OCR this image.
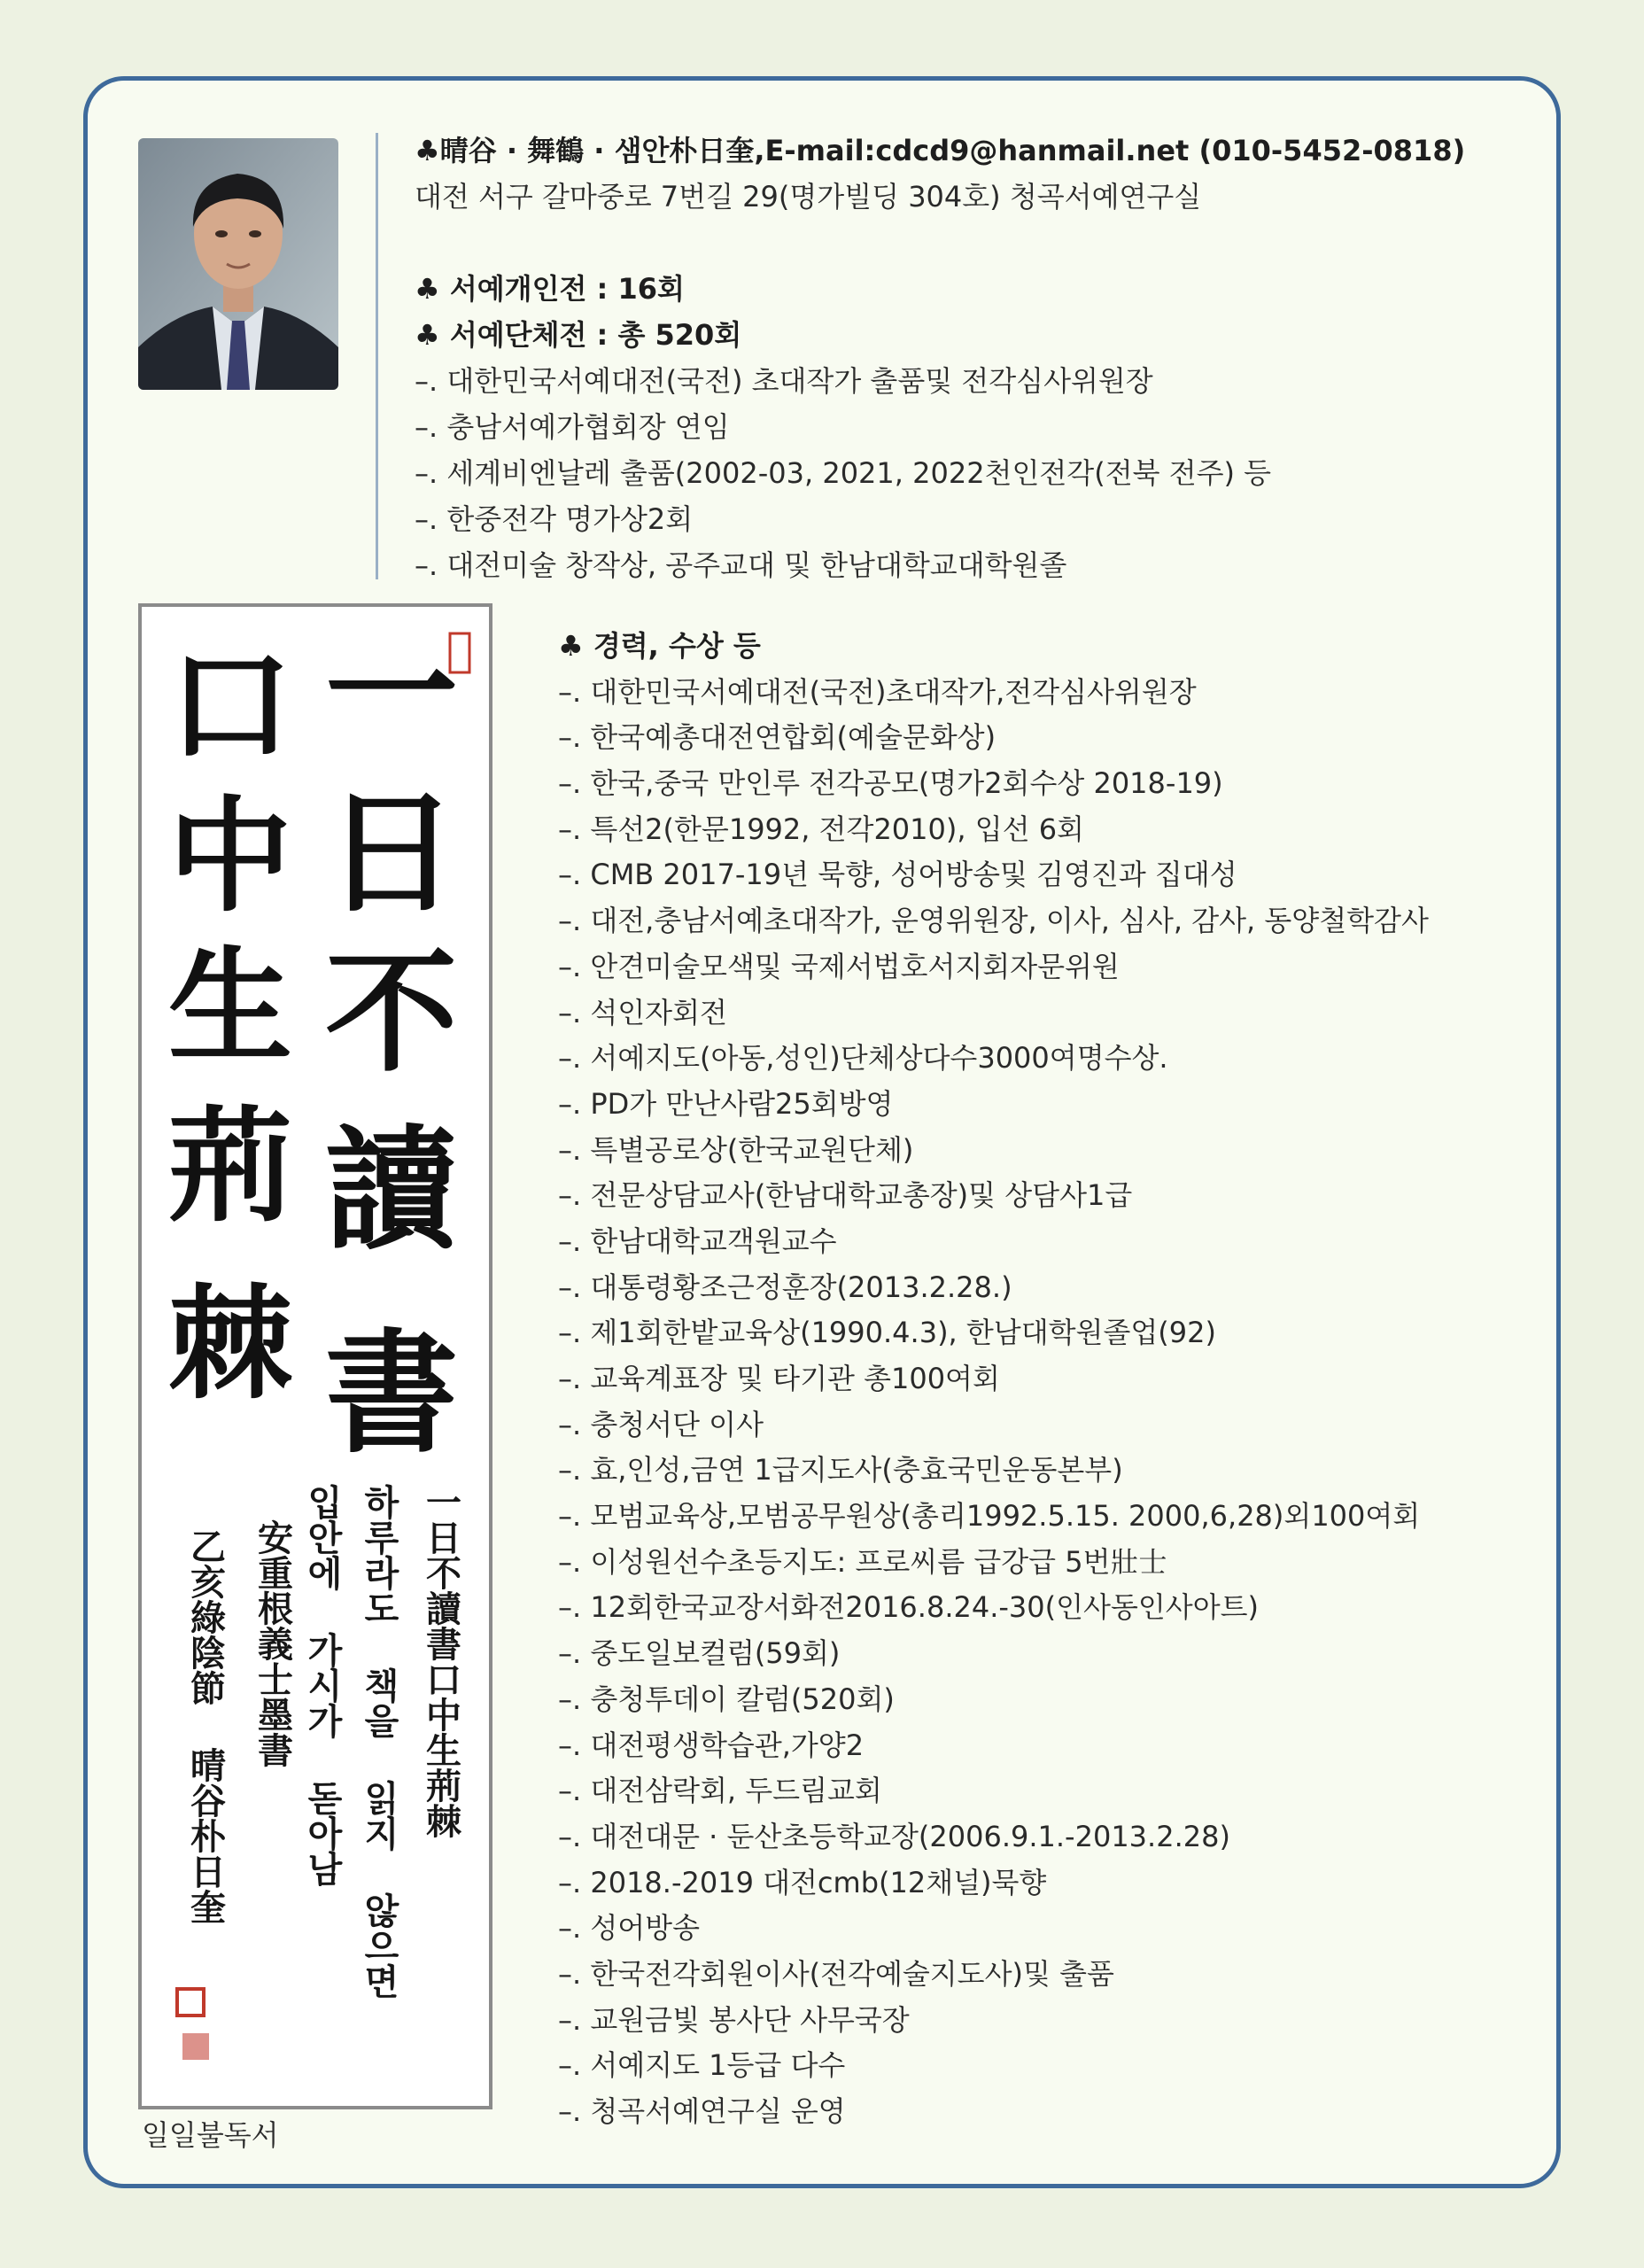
♣晴谷 · 舞鶴 · 샘안朴日奎,E-mail:cdcd9@hanmail.net (010-5452-0818)
대전 서구 갈마중로 7번길 29(명가빌딩 304호) 청곡서예연구실
♣ 서예개인전 : 16회
♣ 서예단체전 : 총 520회
–. 대한민국서예대전(국전) 초대작가 출품및 전각심사위원장
–. 충남서예가협회장 연임
–. 세계비엔날레 출품(2002-03, 2021, 2022천인전각(전북 전주) 등
–. 한중전각 명가상2회
–. 대전미술 창작상, 공주교대 및 한남대학교대학원졸
一
日
不
讀
書
口
中
生
荊
棘
一日不讀書口中生荊棘
하루라도 책을 읽지 않으면
입안에 가시가 돋아남
安重根義士墨書
乙亥綠陰節 晴谷朴日奎
♣ 경력, 수상 등
–. 대한민국서예대전(국전)초대작가,전각심사위원장
–. 한국예총대전연합회(예술문화상)
–. 한국,중국 만인루 전각공모(명가2회수상 2018-19)
–. 특선2(한문1992, 전각2010), 입선 6회
–. CMB 2017-19년 묵향, 성어방송및 김영진과 집대성
–. 대전,충남서예초대작가, 운영위원장, 이사, 심사, 감사, 동양철학감사
–. 안견미술모색및 국제서법호서지회자문위원
–. 석인자회전
–. 서예지도(아동,성인)단체상다수3000여명수상.
–. PD가 만난사람25회방영
–. 특별공로상(한국교원단체)
–. 전문상담교사(한남대학교총장)및 상담사1급
–. 한남대학교객원교수
–. 대통령황조근정훈장(2013.2.28.)
–. 제1회한밭교육상(1990.4.3), 한남대학원졸업(92)
–. 교육계표장 및 타기관 총100여회
–. 충청서단 이사
–. 효,인성,금연 1급지도사(충효국민운동본부)
–. 모범교육상,모범공무원상(총리1992.5.15. 2000,6,28)외100여회
–. 이성원선수초등지도: 프로씨름 급강급 5번壯士
–. 12회한국교장서화전2016.8.24.-30(인사동인사아트)
–. 중도일보컬럼(59회)
–. 충청투데이 칼럼(520회)
–. 대전평생학습관,가양2
–. 대전삼락회, 두드림교회
–. 대전대문 · 둔산초등학교장(2006.9.1.-2013.2.28)
–. 2018.-2019 대전cmb(12채널)묵향
–. 성어방송
–. 한국전각회원이사(전각예술지도사)및 출품
–. 교원금빛 봉사단 사무국장
–. 서예지도 1등급 다수
–. 청곡서예연구실 운영
일일불독서
